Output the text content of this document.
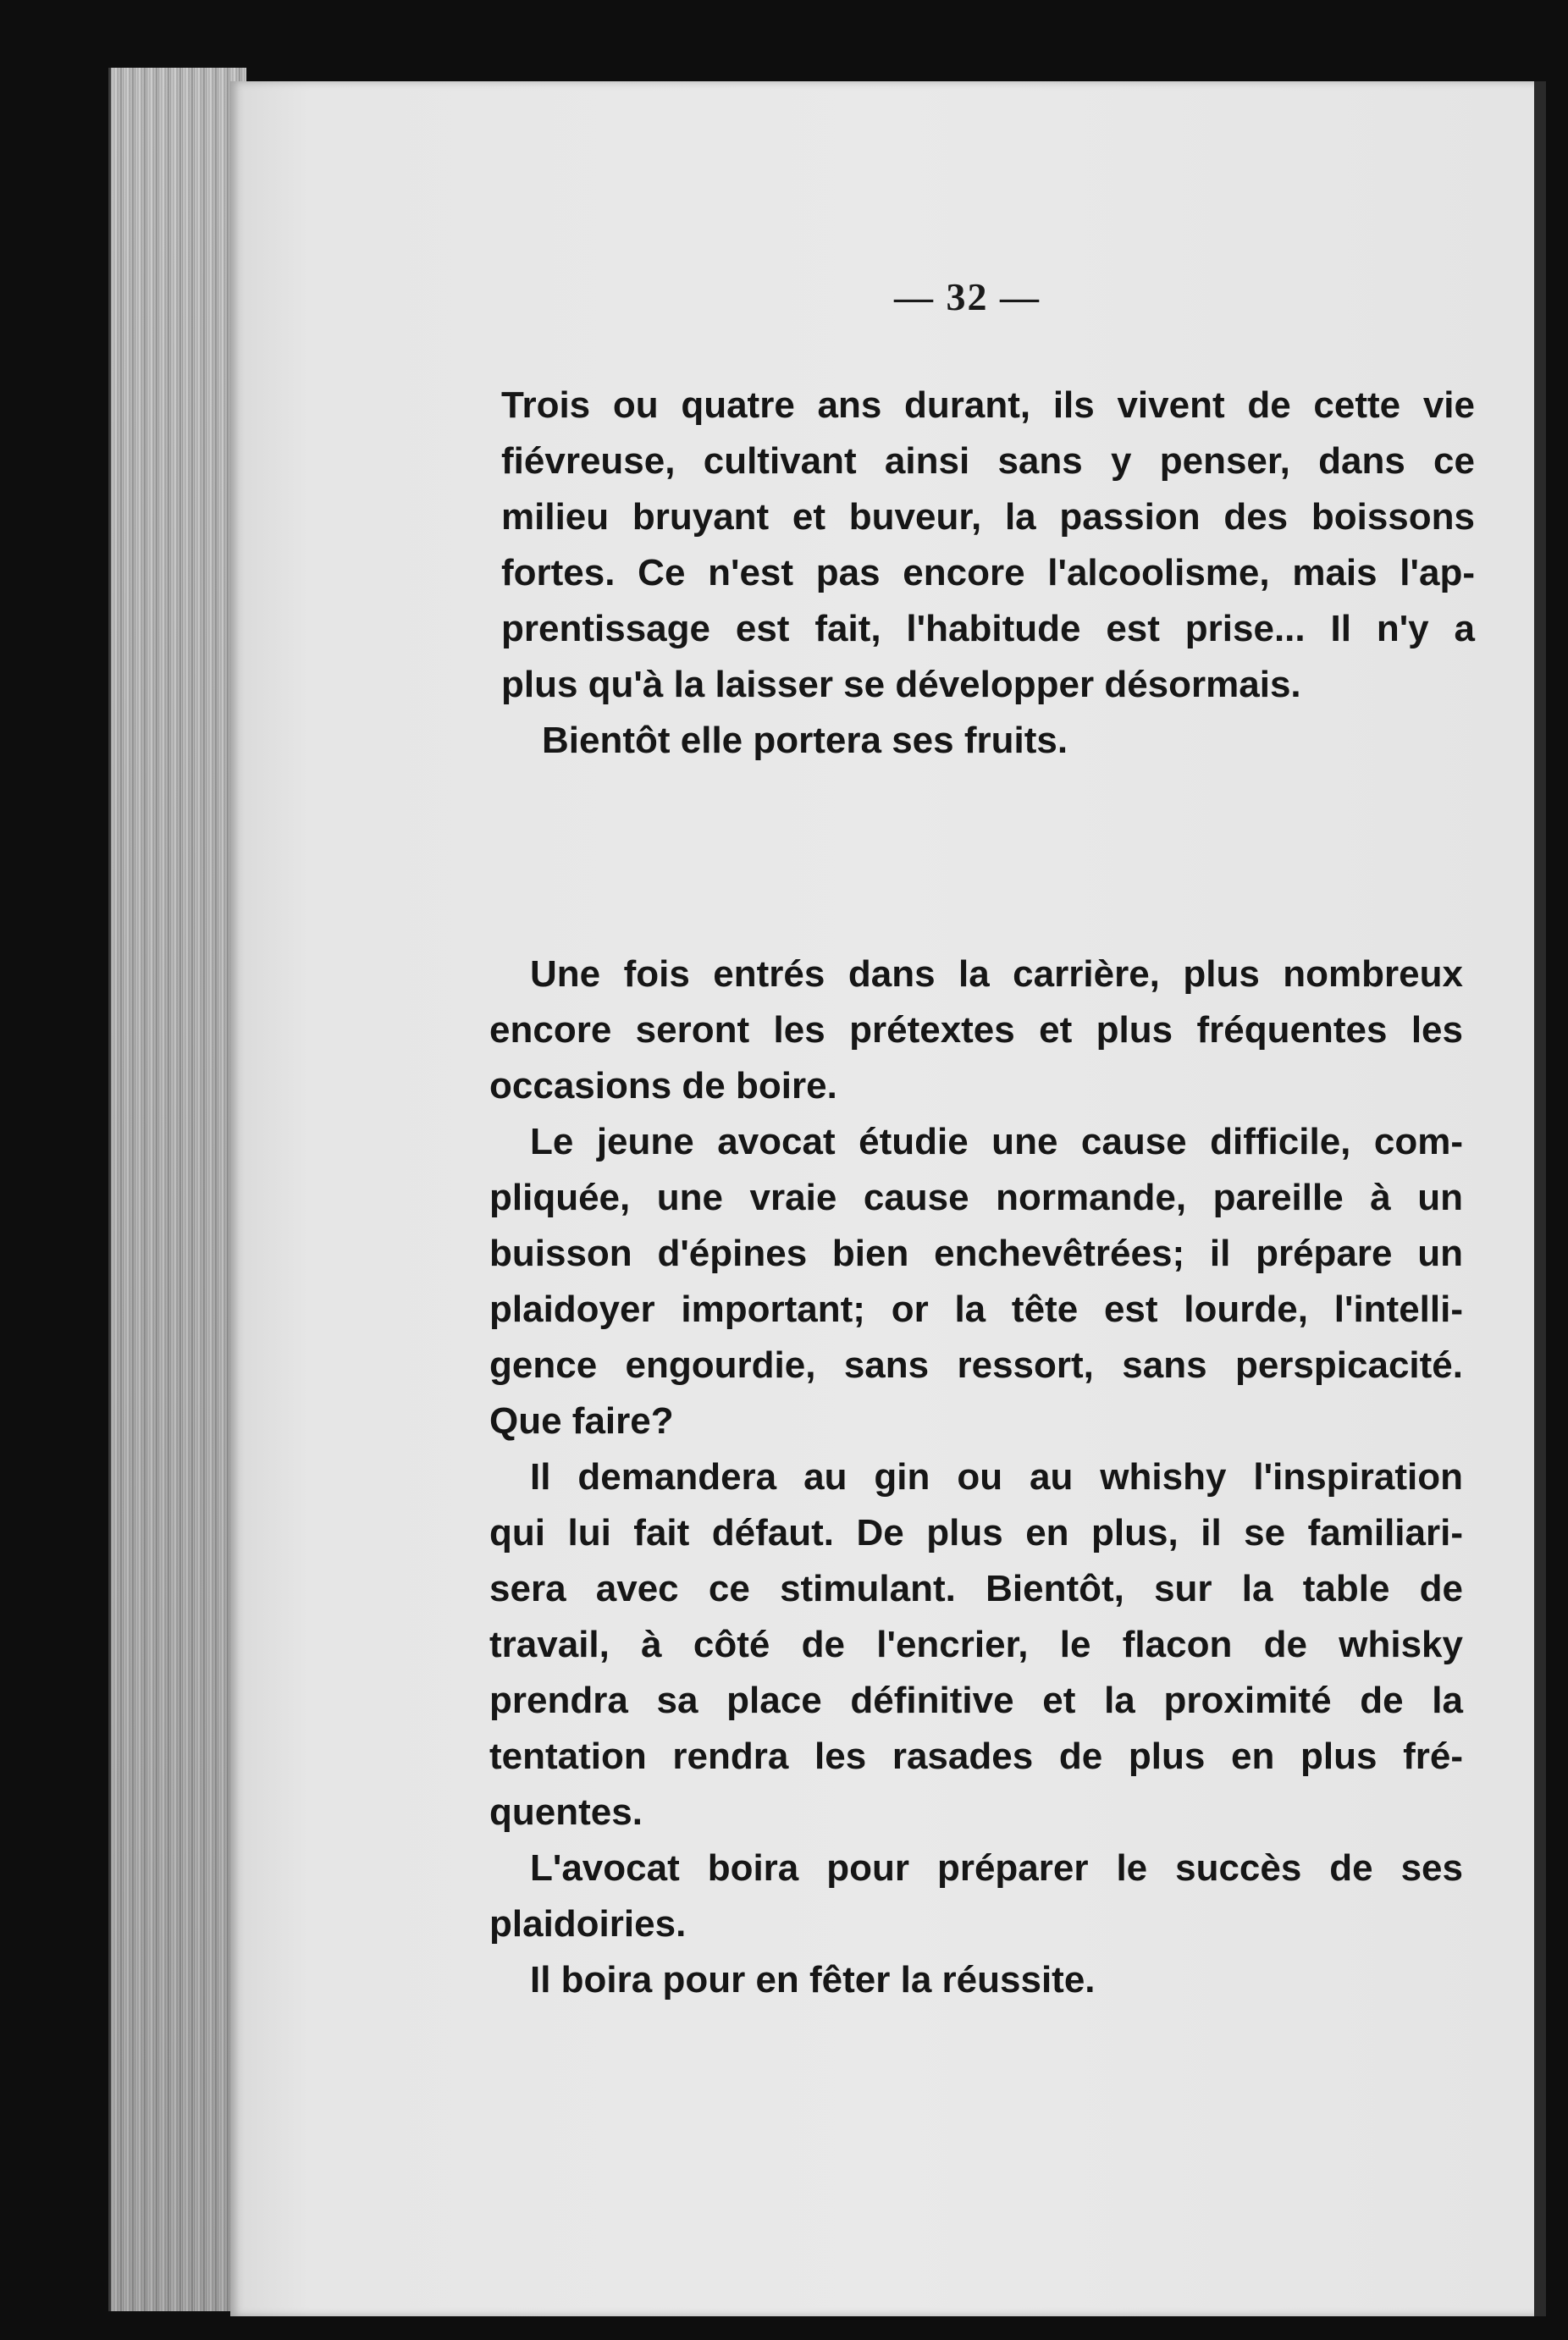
— 32 —
Trois ou quatre ans durant, ils vivent de cette vie
fiévreuse, cultivant ainsi sans y penser, dans ce
milieu bruyant et buveur, la passion des boissons
fortes. Ce n'est pas encore l'alcoolisme, mais l'ap-
prentissage est fait, l'habitude est prise... Il n'y a
plus qu'à la laisser se développer désormais.
Bientôt elle portera ses fruits.
Une fois entrés dans la carrière, plus nombreux
encore seront les prétextes et plus fréquentes les
occasions de boire.
Le jeune avocat étudie une cause difficile, com-
pliquée, une vraie cause normande, pareille à un
buisson d'épines bien enchevêtrées; il prépare un
plaidoyer important; or la tête est lourde, l'intelli-
gence engourdie, sans ressort, sans perspicacité.
Que faire?
Il demandera au gin ou au whishy l'inspiration
qui lui fait défaut. De plus en plus, il se familiari-
sera avec ce stimulant. Bientôt, sur la table de
travail, à côté de l'encrier, le flacon de whisky
prendra sa place définitive et la proximité de la
tentation rendra les rasades de plus en plus fré-
quentes.
L'avocat boira pour préparer le succès de ses
plaidoiries.
Il boira pour en fêter la réussite.
